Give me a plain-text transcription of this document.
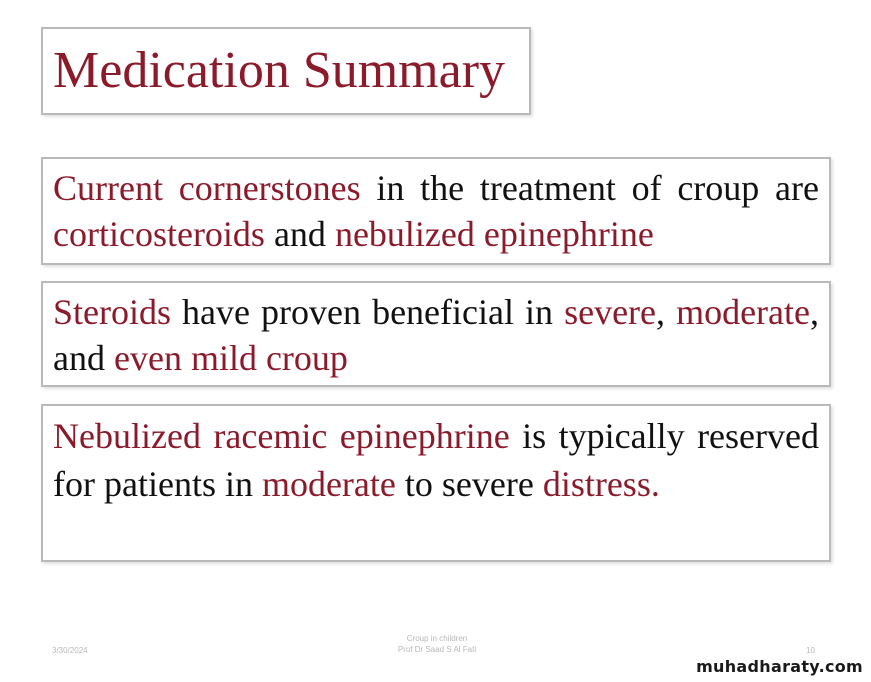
Medication Summary
Current cornerstones in the treatment of croup are corticosteroids and nebulized epinephrine
Steroids have proven beneficial in severe, moderate, and even mild croup
Nebulized racemic epinephrine is typically reserved for patients in moderate to severe distress.
3/30/2024
Croup in children
Prof Dr Saad S Al Fatl	10
muhadharaty.com
